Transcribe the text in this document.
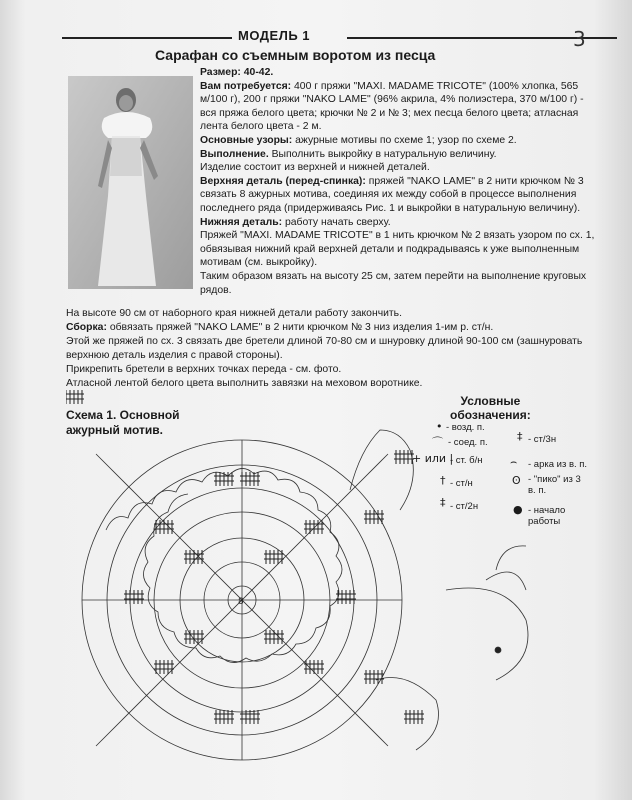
МОДЕЛЬ 1	3
Сарафан со съемным воротом из песца
Размер: 40-42.
Вам потребуется: 400 г пряжи "MAXI. MADAME TRICOTE" (100% хлопка, 565 м/100 г), 200 г пряжи "NAKO LAME" (96% акрила, 4% полиэстера, 370 м/100 г) - вся пряжа белого цвета; крючки № 2 и № 3; мех песца белого цвета; атласная лента белого цвета - 2 м.
Основные узоры: ажурные мотивы по схеме 1; узор по схеме 2.
Выполнение. Выполнить выкройку в натуральную величину.
Изделие состоит из верхней и нижней деталей.
Верхняя деталь (перед-спинка): пряжей "NAKO LAME" в 2 нити крючком № 3 связать 8 ажурных мотива, соединяя их между собой в процессе выполнения последнего ряда (придерживаясь Рис. 1 и выкройки в натуральную величину).
Нижняя деталь: работу начать сверху.
Пряжей "MAXI. MADAME TRICOTE" в 1 нить крючком № 2 вязать узором по сх. 1, обвязывая нижний край верхней детали и подкрадываясь к уже выполненным мотивам (см. выкройку).
Таким образом вязать на высоту 25 см, затем перейти на выполнение круговых рядов.
На высоте 90 см от наборного края нижней детали работу закончить.
Сборка: обвязать пряжей "NAKO LAME" в 2 нити крючком № 3 низ изделия 1-им р. ст/н.
Этой же пряжей по сх. 3 связать две бретели длиной 70-80 см и шнуровку длиной 90-100 см (зашнуровать верхнюю деталь изделия с правой стороны).
Прикрепить бретели в верхних точках переда - см. фото.
Атласной лентой белого цвета выполнить завязки на меховом воротнике.
8
Схема 1. Основной
ажурный мотив.
Условные
обозначения:
• - возд. п.
⌒ - соед. п.
+ или |
- ст. б/н
† - ст/н
‡ - ст/2н
‡ - ст/3н
⌢ - арка из в. п.
ʘ - "пико" из 3 в. п.
● - начало работы
